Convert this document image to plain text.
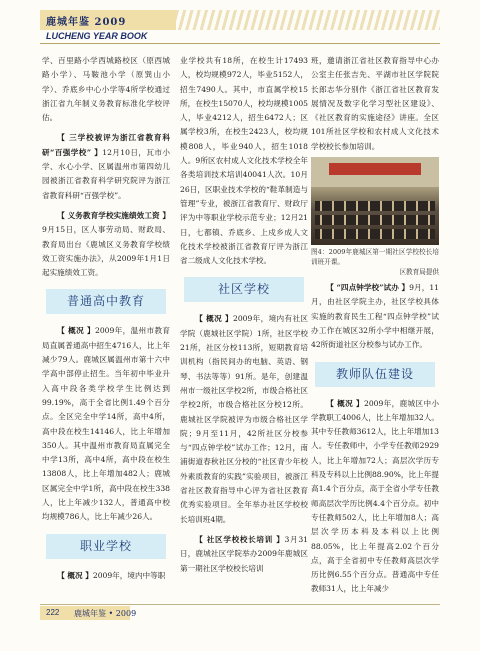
鹿城年鉴 2009
LUCHENG YEAR BOOK

学、百里路小学西城路校区（原西城路小学）、马鞍池小学（原巽山小学）、乔底乡中心小学等4所学校通过浙江省九年制义务教育标准化学校评估。

【 三学校被评为浙江省教育科研“百强学校” 】12月10日，瓦市小学、水心小学、区属温州市第四幼儿园被浙江省教育科学研究院评为浙江省教育科研“百强学校”。

【 义务教育学校实施绩效工资 】9月15日，区人事劳动局、财政局、教育局出台《鹿城区义务教育学校绩效工资实施办法》，从2009年1月1日起实施绩效工资。

普通高中教育

【 概况 】2009年，温州市教育局直属普通高中招生4716人，比上年减少79人。鹿城区属温州市第十六中学高中部停止招生。当年初中毕业升入高中段各类学校学生比例达到99.19%，高于全省比例1.49个百分点。全区完全中学14所，高中4所，高中段在校生14146人，比上年增加350人。其中温州市教育局直属完全中学13所，高中4所，高中段在校生13808人，比上年增加482人；鹿城区属完全中学1所，高中段在校生338人，比上年减少132人，普通高中校均规模786人，比上年减少26人。

职业学校

【 概况 】2009年，境内中等职

业学校共有18所，在校生计17493人，校均规模972人，毕业5152人，招生7490人。其中，市直属学校15所，在校生15070人，校均规模1005人，毕业4212人，招生6472人；区属学校3所，在校生2423人，校均规模808人，毕业940人，招生1018人。9所区农村成人文化技术学校全年各类培训技术培训40041人次。10月26日，区职业技术学校的“鞋革制造与管理”专业，被浙江省教育厅、财政厅评为中等职业学校示范专业；12月21日，七都镇、乔底乡、上戍乡成人文化技术学校被浙江省教育厅评为浙江省二级成人文化技术学校。

社区学校

【 概况 】2009年，境内有社区学院（鹿城社区学院）1所，社区学校21所，社区分校113所，短期教育培训机构（指民间办的电脑、英语、钢琴、书法等等）91所。是年，创建温州市一级社区学校2所，市级合格社区学校2所，市级合格社区分校12所。鹿城社区学院被评为市级合格社区学院；9月至11月，42所社区分校参与“四点钟学校”试办工作；12月，南浦街道春秋社区分校的“社区青少年校外素质教育的实践”实验项目，被浙江省社区教育指导中心评为省社区教育优秀实验项目。全年举办社区学校校长培训班4期。

【 社区学校校长培训 】3月31日，鹿城社区学院举办2009年鹿城区第一期社区学校校长培训

班，邀请浙江省社区教育指导中心办公室主任张吉先、平湖市社区学院院长郎志华分别作《浙江省社区教育发展情况及数字化学习型社区建设》、《社区教育的实施途径》讲座。全区101所社区学校和农村成人文化技术学校校长参加培训。

图4：2009年鹿城区第一期社区学校校长培训班开课。
区教育局提供

【 “四点钟学校”试办 】9月，11月，由社区学院主办，社区学校具体实施的教育民生工程“四点钟学校”试办工作在城区32所小学中相继开展，42所街道社区分校参与试办工作。

教师队伍建设

【 概况 】2009年，鹿城区中小学教职工4006人，比上年增加32人。其中专任教师3612人，比上年增加13人。专任教师中，小学专任教师2929人，比上年增加72人；高层次学历专科及专科以上比例88.90%，比上年提高1.4个百分点，高于全省小学专任教师高层次学历比例4.4个百分点。初中专任教师502人，比上年增加8人；高层次学历本科及本科以上比例88.05%，比上年提高2.02个百分点，高于全省初中专任教师高层次学历比例6.55个百分点。普通高中专任教师31人，比上年减少

222 鹿城年鉴 • 2009
